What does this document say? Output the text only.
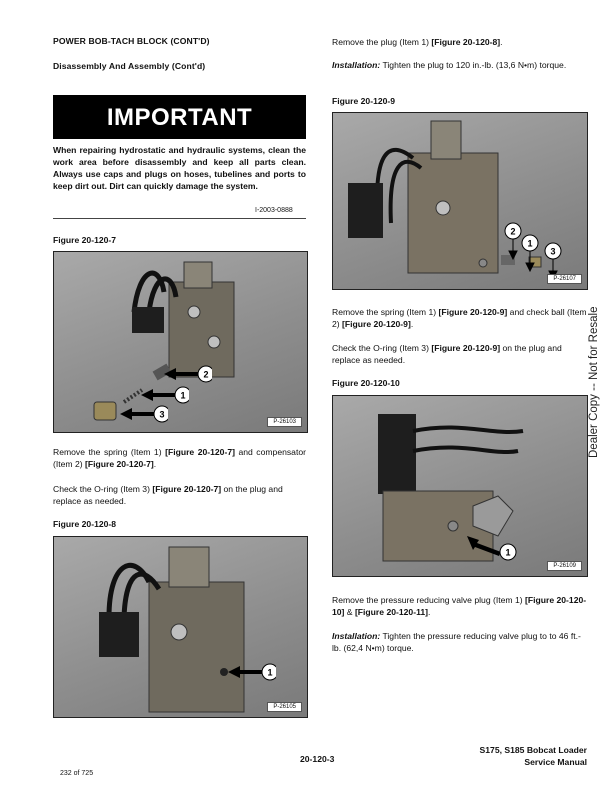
POWER BOB-TACH BLOCK (CONT'D)
Disassembly And Assembly (Cont'd)
IMPORTANT
When repairing hydrostatic and hydraulic systems, clean the work area before disassembly and keep all parts clean. Always use caps and plugs on hoses, tubelines and ports to keep dirt out. Dirt can quickly damage the system.
I-2003-0888
Figure 20-120-7
2
1
3
P-26103
Remove the spring (Item 1) [Figure 20-120-7] and compensator (Item 2) [Figure 20-120-7].
Check the O-ring (Item 3) [Figure 20-120-7] on the plug and replace as needed.
Figure 20-120-8
1
P-26105
Remove the plug (Item 1) [Figure 20-120-8].
Installation: Tighten the plug to 120 in.-lb. (13,6 N•m) torque.
Figure 20-120-9
2
1
3
P-26107
Remove the spring (Item 1) [Figure 20-120-9] and check ball (Item 2) [Figure 20-120-9].
Check the O-ring (Item 3) [Figure 20-120-9] on the plug and replace as needed.
Figure 20-120-10
1
P-26109
Remove the pressure reducing valve plug (Item 1) [Figure 20-120-10] & [Figure 20-120-11].
Installation: Tighten the pressure reducing valve plug to to 46 ft.-lb. (62,4 N•m) torque.
Dealer Copy -- Not for Resale
20-120-3
S175, S185 Bobcat Loader
Service Manual
232 of 725
